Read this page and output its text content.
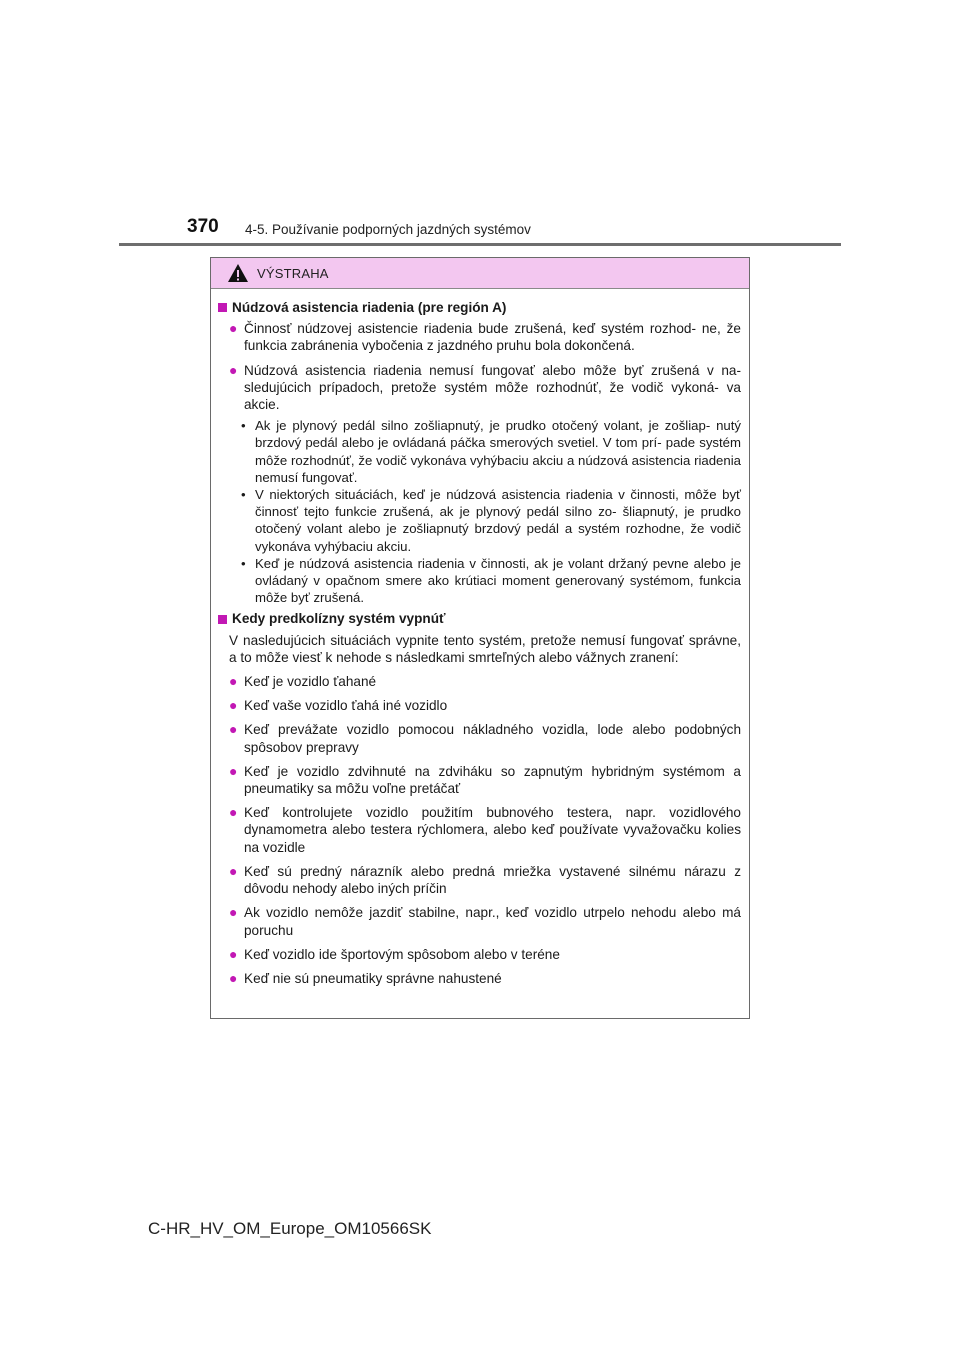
370 4-5. Používanie podporných jazdných systémov
VÝSTRAHA
Núdzová asistencia riadenia (pre región A)
● Činnosť núdzovej asistencie riadenia bude zrušená, keď systém rozhod- ne, že funkcia zabránenia vybočenia z jazdného pruhu bola dokončená.
● Núdzová asistencia riadenia nemusí fungovať alebo môže byť zrušená v na- sledujúcich prípadoch, pretože systém môže rozhodnúť, že vodič vykoná- va akcie.
• Ak je plynový pedál silno zošliapnutý, je prudko otočený volant, je zošliap- nutý brzdový pedál alebo je ovládaná páčka smerových svetiel. V tom prí- pade systém môže rozhodnúť, že vodič vykonáva vyhýbaciu akciu a núdzová asistencia riadenia nemusí fungovať.
• V niektorých situáciách, keď je núdzová asistencia riadenia v činnosti, môže byť činnosť tejto funkcie zrušená, ak je plynový pedál silno zo- šliapnutý, je prudko otočený volant alebo je zošliapnutý brzdový pedál a systém rozhodne, že vodič vykonáva vyhýbaciu akciu.
• Keď je núdzová asistencia riadenia v činnosti, ak je volant držaný pevne alebo je ovládaný v opačnom smere ako krútiaci moment generovaný systémom, funkcia môže byť zrušená.
Kedy predkolízny systém vypnúť
V nasledujúcich situáciách vypnite tento systém, pretože nemusí fungovať správne, a to môže viesť k nehode s následkami smrteľných alebo vážnych zranení:
● Keď je vozidlo ťahané
● Keď vaše vozidlo ťahá iné vozidlo
● Keď prevážate vozidlo pomocou nákladného vozidla, lode alebo podobných spôsobov prepravy
● Keď je vozidlo zdvihnuté na zdviháku so zapnutým hybridným systémom a pneumatiky sa môžu voľne pretáčať
● Keď kontrolujete vozidlo použitím bubnového testera, napr. vozidlového dynamometra alebo testera rýchlomera, alebo keď používate vyvažovačku kolies na vozidle
● Keď sú predný nárazník alebo predná mriežka vystavené silnému nárazu z dôvodu nehody alebo iných príčin
● Ak vozidlo nemôže jazdiť stabilne, napr., keď vozidlo utrpelo nehodu alebo má poruchu
● Keď vozidlo ide športovým spôsobom alebo v teréne
● Keď nie sú pneumatiky správne nahustené
C-HR_HV_OM_Europe_OM10566SK
